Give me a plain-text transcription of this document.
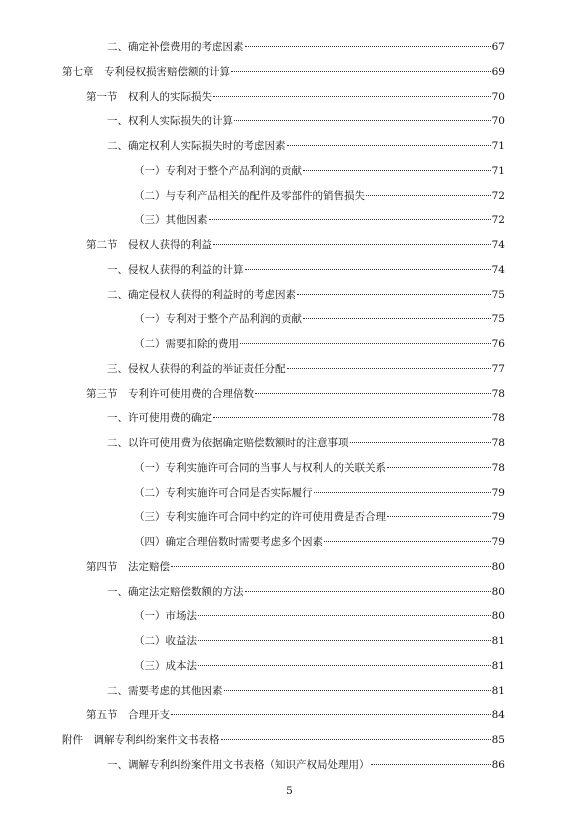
二、确定补偿费用的考虑因素	67
第七章　专利侵权损害赔偿额的计算	69
第一节　权利人的实际损失	70
一、权利人实际损失的计算	70
二、确定权利人实际损失时的考虑因素	71
（一）专利对于整个产品利润的贡献	71
（二）与专利产品相关的配件及零部件的销售损失	72
（三）其他因素	72
第二节　侵权人获得的利益	74
一、侵权人获得的利益的计算	74
二、确定侵权人获得的利益时的考虑因素	75
（一）专利对于整个产品利润的贡献	75
（二）需要扣除的费用	76
三、侵权人获得的利益的举证责任分配	77
第三节　专利许可使用费的合理倍数	78
一、许可使用费的确定	78
二、以许可使用费为依据确定赔偿数额时的注意事项	78
（一）专利实施许可合同的当事人与权利人的关联关系	78
（二）专利实施许可合同是否实际履行	79
（三）专利实施许可合同中约定的许可使用费是否合理	79
（四）确定合理倍数时需要考虑多个因素	79
第四节　法定赔偿	80
一、确定法定赔偿数额的方法	80
（一）市场法	80
（二）收益法	81
（三）成本法	81
二、需要考虑的其他因素	81
第五节　合理开支	84
附件　调解专利纠纷案件文书表格	85
一、调解专利纠纷案件用文书表格（知识产权局处理用）	86
5
